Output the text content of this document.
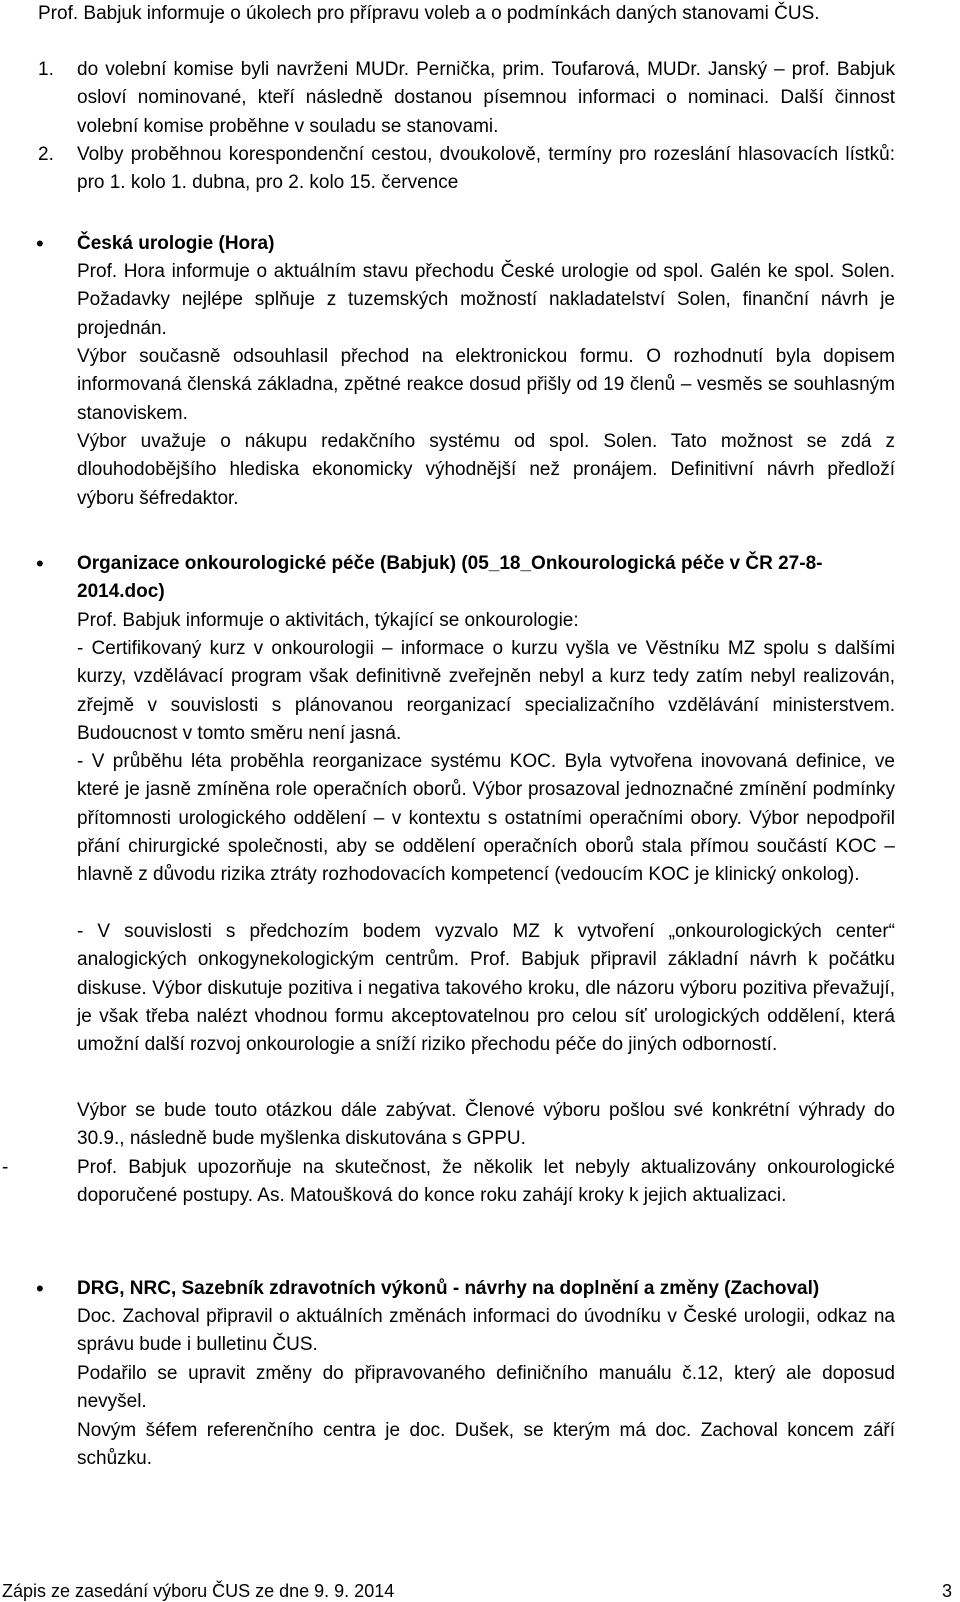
Prof. Babjuk informuje o úkolech pro přípravu voleb a o podmínkách daných stanovami ČUS.

1. do volební komise byli navrženi MUDr. Pernička, prim. Toufarová, MUDr. Janský – prof. Babjuk osloví nominované, kteří následně dostanou písemnou informaci o nominaci. Další činnost volební komise proběhne v souladu se stanovami.

2. Volby proběhnou korespondenční cestou, dvoukolově, termíny pro rozeslání hlasovacích lístků: pro 1. kolo 1. dubna, pro 2. kolo 15. července

• Česká urologie (Hora)

Prof. Hora informuje o aktuálním stavu přechodu České urologie od spol. Galén ke spol. Solen. Požadavky nejlépe splňuje z tuzemských možností nakladatelství Solen, finanční návrh je projednán.

Výbor současně odsouhlasil přechod na elektronickou formu. O rozhodnutí byla dopisem informovaná členská základna, zpětné reakce dosud přišly od 19 členů – vesměs se souhlasným stanoviskem.

Výbor uvažuje o nákupu redakčního systému od spol. Solen. Tato možnost se zdá z dlouhodobějšího hlediska ekonomicky výhodnější než pronájem. Definitivní návrh předloží výboru šéfredaktor.

• Organizace onkourologické péče (Babjuk) (05_18_Onkourologická péče v ČR 27-8-2014.doc)

Prof. Babjuk informuje o aktivitách, týkající se onkourologie:

- Certifikovaný kurz v onkourologii – informace o kurzu vyšla ve Věstníku MZ spolu s dalšími kurzy, vzdělávací program však definitivně zveřejněn nebyl a kurz tedy zatím nebyl realizován, zřejmě v souvislosti s plánovanou reorganizací specializačního vzdělávání ministerstvem. Budoucnost v tomto směru není jasná.

- V průběhu léta proběhla reorganizace systému KOC. Byla vytvořena inovovaná definice, ve které je jasně zmíněna role operačních oborů. Výbor prosazoval jednoznačné zmínění podmínky přítomnosti urologického oddělení – v kontextu s ostatními operačními obory. Výbor nepodpořil přání chirurgické společnosti, aby se oddělení operačních oborů stala přímou součástí KOC – hlavně z důvodu rizika ztráty rozhodovacích kompetencí (vedoucím KOC je klinický onkolog).

- V souvislosti s předchozím bodem vyzvalo MZ k vytvoření „onkourologických center“ analogických onkogynekologickým centrům. Prof. Babjuk připravil základní návrh k počátku diskuse. Výbor diskutuje pozitiva i negativa takového kroku, dle názoru výboru pozitiva převažují, je však třeba nalézt vhodnou formu akceptovatelnou pro celou síť urologických oddělení, která umožní další rozvoj onkourologie a sníží riziko přechodu péče do jiných odborností.

Výbor se bude touto otázkou dále zabývat. Členové výboru pošlou své konkrétní výhrady do 30.9., následně bude myšlenka diskutována s GPPU.

-	Prof. Babjuk upozorňuje na skutečnost, že několik let nebyly aktualizovány onkourologické doporučené postupy. As. Matoušková do konce roku zahájí kroky k jejich aktualizaci.

• DRG, NRC, Sazebník zdravotních výkonů - návrhy na doplnění a změny (Zachoval)

Doc. Zachoval připravil o aktuálních změnách informaci do úvodníku v České urologii, odkaz na správu bude i bulletinu ČUS.

Podařilo se upravit změny do připravovaného definičního manuálu č.12, který ale doposud nevyšel.

Novým šéfem referenčního centra je doc. Dušek, se kterým má doc. Zachoval koncem září schůzku.

Zápis ze zasedání výboru ČUS ze dne 9. 9. 2014	3
